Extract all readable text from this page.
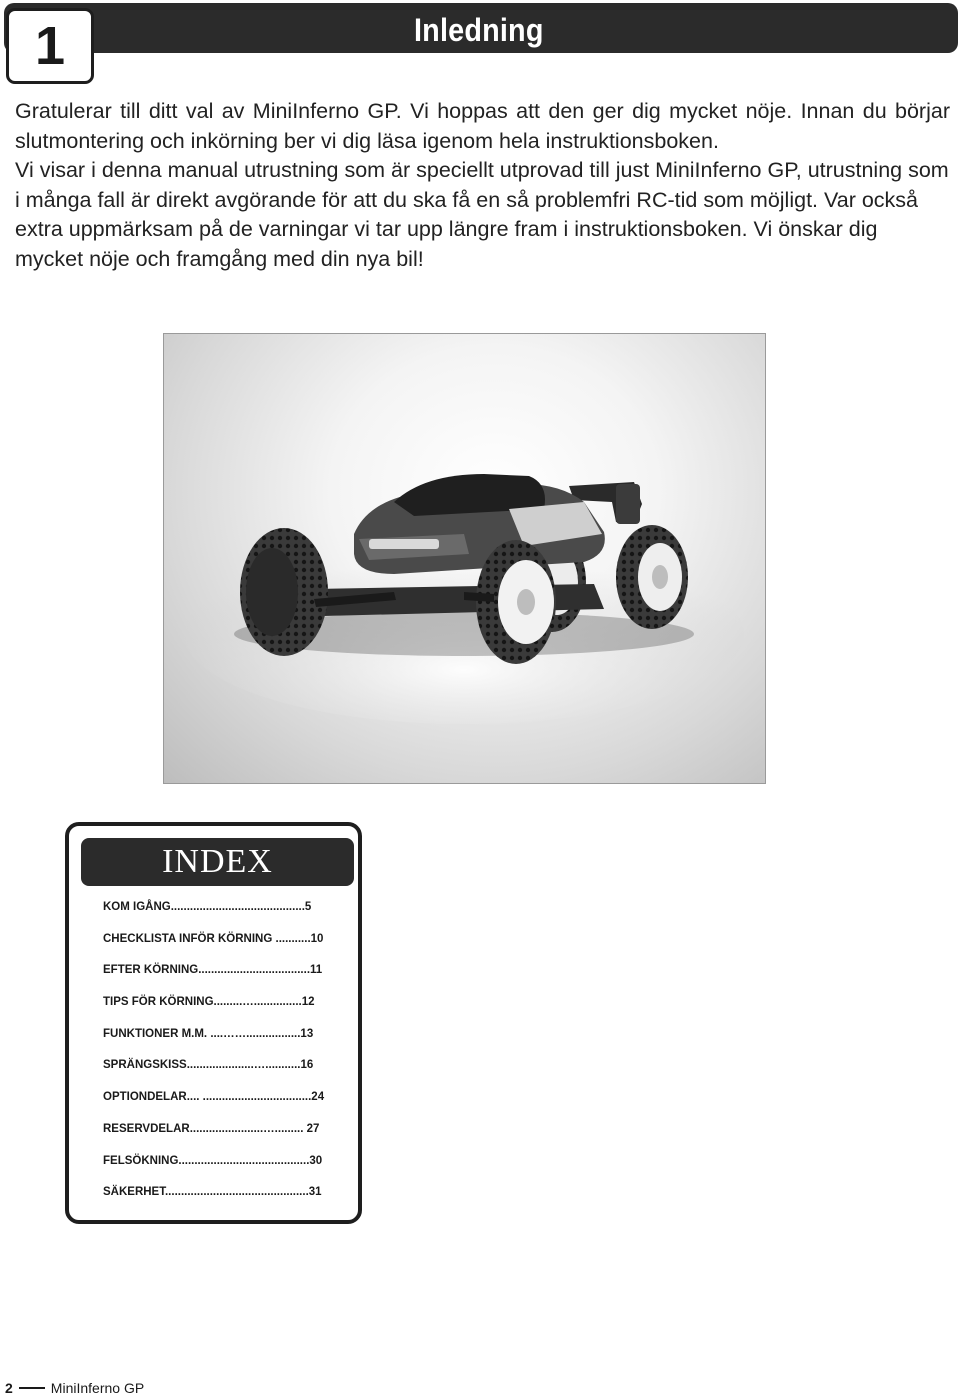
Inledning
1

Gratulerar till ditt val av MiniInferno GP. Vi hoppas att den ger dig mycket nöje. Innan du börjar slutmontering och inkörning ber vi dig läsa igenom hela instruktionsboken.

Vi visar i denna manual utrustning som är speciellt utprovad till just MiniInferno GP, utrustning som i många fall är direkt avgörande för att du ska få en så problemfri RC-tid som möjligt. Var också extra uppmärksam på de varningar vi tar upp längre fram i instruktionsboken. Vi önskar dig mycket nöje och framgång med din nya bil!

INDEX
KOM IGÅNG..........................................5
CHECKLISTA INFÖR KÖRNING ...........10
EFTER KÖRNING...................................11
TIPS FÖR KÖRNING.........…...............12
FUNKTIONER M.M. ....…….................13
SPRÄNGSKISS.....................…...........16
OPTIONDELAR.... ..................................24
RESERVDELAR.......................…......... 27
FELSÖKNING.........................................30
SÄKERHET.............................................31
2	MiniInferno GP
